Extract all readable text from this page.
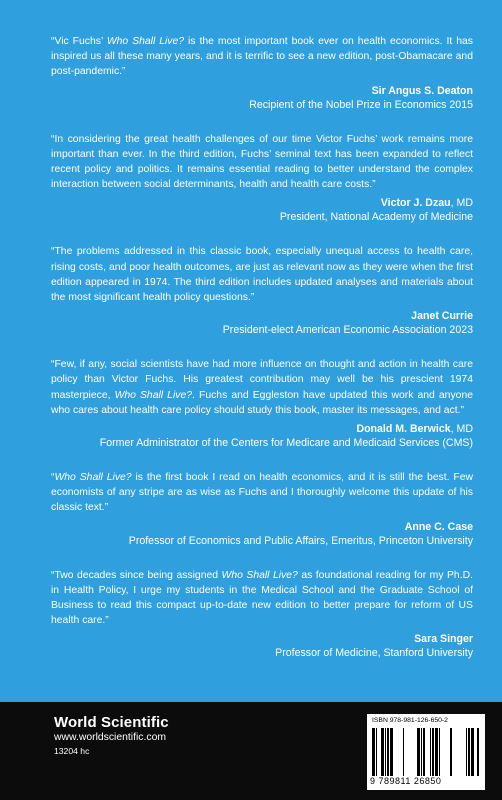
“Vic Fuchs’ Who Shall Live? is the most important book ever on health economics. It has inspired us all these many years, and it is terrific to see a new edition, post-Obamacare and post-pandemic.”

Sir Angus S. Deaton
Recipient of the Nobel Prize in Economics 2015

“In considering the great health challenges of our time Victor Fuchs’ work remains more important than ever. In the third edition, Fuchs’ seminal text has been expanded to reflect recent policy and politics. It remains essential reading to better understand the complex interaction between social determinants, health and health care costs.”

Victor J. Dzau, MD
President, National Academy of Medicine

“The problems addressed in this classic book, especially unequal access to health care, rising costs, and poor health outcomes, are just as relevant now as they were when the first edition appeared in 1974. The third edition includes updated analyses and materials about the most significant health policy questions.”

Janet Currie
President-elect American Economic Association 2023

“Few, if any, social scientists have had more influence on thought and action in health care policy than Victor Fuchs. His greatest contribution may well be his prescient 1974 masterpiece, Who Shall Live?. Fuchs and Eggleston have updated this work and anyone who cares about health care policy should study this book, master its messages, and act.”

Donald M. Berwick, MD
Former Administrator of the Centers for Medicare and Medicaid Services (CMS)

“Who Shall Live? is the first book I read on health economics, and it is still the best. Few economists of any stripe are as wise as Fuchs and I thoroughly welcome this update of his classic text.”

Anne C. Case
Professor of Economics and Public Affairs, Emeritus, Princeton University

“Two decades since being assigned Who Shall Live? as foundational reading for my Ph.D. in Health Policy, I urge my students in the Medical School and the Graduate School of Business to read this compact up-to-date new edition to better prepare for reform of US health care.”

Sara Singer
Professor of Medicine, Stanford University
World Scientific
www.worldscientific.com
13204 hc
ISBN 978-981-126-650-2
9 789811 26850
